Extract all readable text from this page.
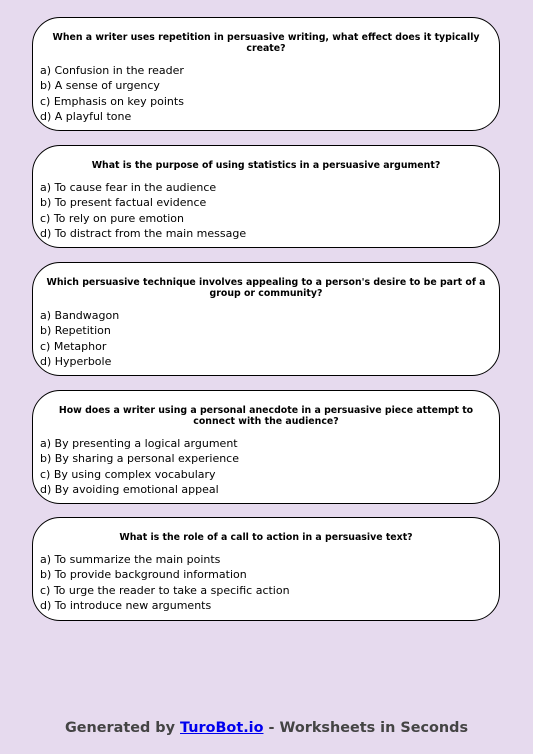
When a writer uses repetition in persuasive writing, what effect does it typically create?
a) Confusion in the reader
b) A sense of urgency
c) Emphasis on key points
d) A playful tone
What is the purpose of using statistics in a persuasive argument?
a) To cause fear in the audience
b) To present factual evidence
c) To rely on pure emotion
d) To distract from the main message
Which persuasive technique involves appealing to a person's desire to be part of a group or community?
a) Bandwagon
b) Repetition
c) Metaphor
d) Hyperbole
How does a writer using a personal anecdote in a persuasive piece attempt to connect with the audience?
a) By presenting a logical argument
b) By sharing a personal experience
c) By using complex vocabulary
d) By avoiding emotional appeal
What is the role of a call to action in a persuasive text?
a) To summarize the main points
b) To provide background information
c) To urge the reader to take a specific action
d) To introduce new arguments
Generated by TuroBot.io - Worksheets in Seconds
